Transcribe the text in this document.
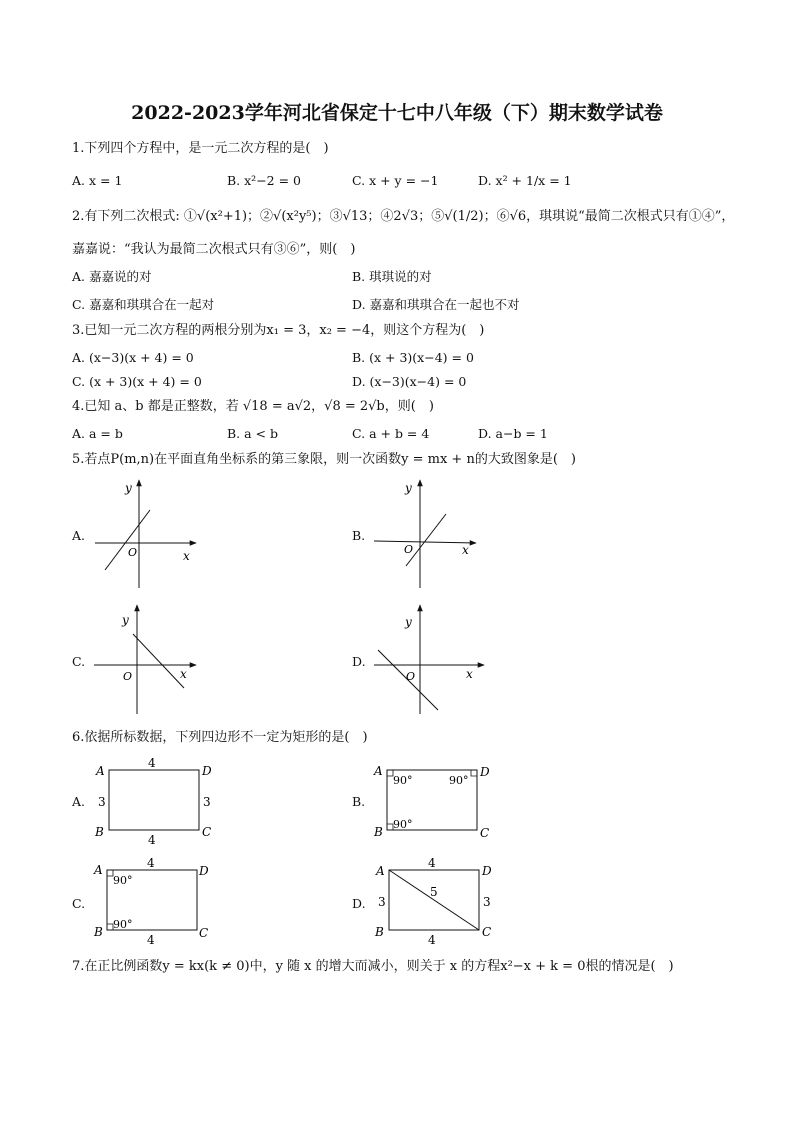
2022-2023学年河北省保定十七中八年级（下）期末数学试卷
1.下列四个方程中，是一元二次方程的是(　)
A. x = 1	B. x²−2 = 0	C. x + y = −1	D. x² + 1/x = 1
2.有下列二次根式: ①√(x²+1)；②√(x²y⁵)；③√13；④2√3；⑤√(1/2)；⑥√6，琪琪说“最简二次根式只有①④”，
嘉嘉说：“我认为最简二次根式只有③⑥”，则(　)
A. 嘉嘉说的对	B. 琪琪说的对
C. 嘉嘉和琪琪合在一起对	D. 嘉嘉和琪琪合在一起也不对
3.已知一元二次方程的两根分别为x₁ = 3，x₂ = −4，则这个方程为(　)
A. (x−3)(x + 4) = 0	B. (x + 3)(x−4) = 0
C. (x + 3)(x + 4) = 0	D. (x−3)(x−4) = 0
4.已知 a、b 都是正整数，若 √18 = a√2，√8 = 2√b，则(　)
A. a = b	B. a < b	C. a + b = 4	D. a−b = 1
5.若点P(m,n)在平面直角坐标系的第三象限，则一次函数y = mx + n的大致图象是(　)
A.
y
x
O
B.
y
x
O
C.
y
x
O
D.
y
x
O
6.依据所标数据，下列四边形不一定为矩形的是(　)
A.
A	D
B	C
4
4
3	3	B.
A	D
B	C
90°	90°
90°
C.
A	D
B	C
4
4
90°
90°
D.
A	D
B	C
4
4
3	3
5
7.在正比例函数y = kx(k ≠ 0)中，y 随 x 的增大而减小，则关于 x 的方程x²−x + k = 0根的情况是(　)
